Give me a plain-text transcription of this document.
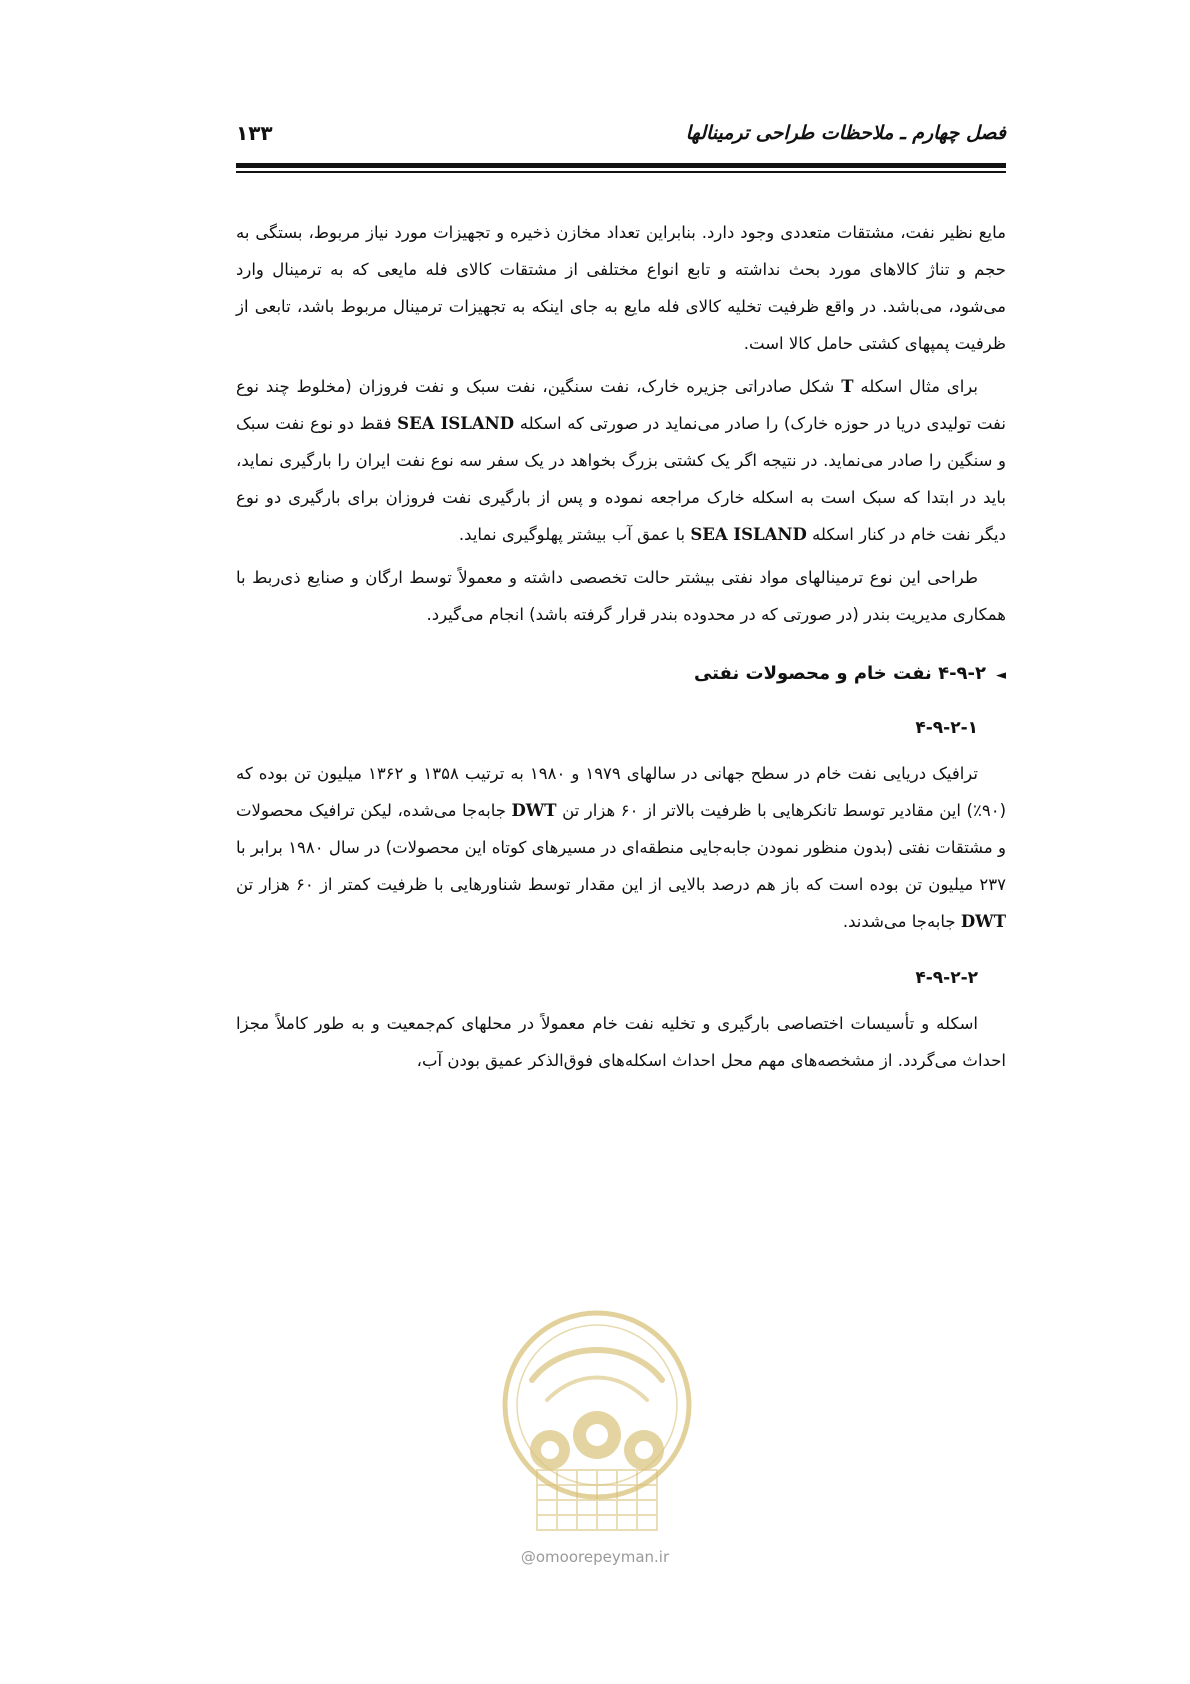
فصل چهارم ـ ملاحظات طراحی ترمینالها
۱۳۳

مایع نظیر نفت، مشتقات متعددی وجود دارد. بنابراین تعداد مخازن ذخیره و تجهیزات مورد نیاز مربوط، بستگی به حجم و تناژ کالاهای مورد بحث نداشته و تابع انواع مختلفی از مشتقات کالای فله مایعی که به ترمینال وارد می‌شود، می‌باشد. در واقع ظرفیت تخلیه کالای فله مایع به جای اینکه به تجهیزات ترمینال مربوط باشد، تابعی از ظرفیت پمپهای کشتی حامل کالا است.

برای مثال اسکله T شکل صادراتی جزیره خارک، نفت سنگین، نفت سبک و نفت فروزان (مخلوط چند نوع نفت تولیدی دریا در حوزه خارک) را صادر می‌نماید در صورتی که اسکله SEA ISLAND فقط دو نوع نفت سبک و سنگین را صادر می‌نماید. در نتیجه اگر یک کشتی بزرگ بخواهد در یک سفر سه نوع نفت ایران را بارگیری نماید، باید در ابتدا که سبک است به اسکله خارک مراجعه نموده و پس از بارگیری نفت فروزان برای بارگیری دو نوع دیگر نفت خام در کنار اسکله SEA ISLAND با عمق آب بیشتر پهلوگیری نماید.

طراحی این نوع ترمینالهای مواد نفتی بیشتر حالت تخصصی داشته و معمولاً توسط ارگان و صنایع ذی‌ربط با همکاری مدیریت بندر (در صورتی که در محدوده بندر قرار گرفته باشد) انجام می‌گیرد.

◄۴-۹-۲ نفت خام و محصولات نفتی

۴-۹-۲-۱

ترافیک دریایی نفت خام در سطح جهانی در سالهای ۱۹۷۹ و ۱۹۸۰ به ترتیب ۱۳۵۸ و ۱۳۶۲ میلیون تن بوده که (۹۰٪) این مقادیر توسط تانکرهایی با ظرفیت بالاتر از ۶۰ هزار تن DWT جابه‌جا می‌شده، لیکن ترافیک محصولات و مشتقات نفتی (بدون منظور نمودن جابه‌جایی منطقه‌ای در مسیرهای کوتاه این محصولات) در سال ۱۹۸۰ برابر با ۲۳۷ میلیون تن بوده است که باز هم درصد بالایی از این مقدار توسط شناورهایی با ظرفیت کمتر از ۶۰ هزار تن DWT جابه‌جا می‌شدند.

۴-۹-۲-۲

اسکله و تأسیسات اختصاصی بارگیری و تخلیه نفت خام معمولاً در محلهای کم‌جمعیت و به طور کاملاً مجزا احداث می‌گردد. از مشخصه‌های مهم محل احداث اسکله‌های فوق‌الذکر عمیق بودن آب،

@omoorepeyman.ir
